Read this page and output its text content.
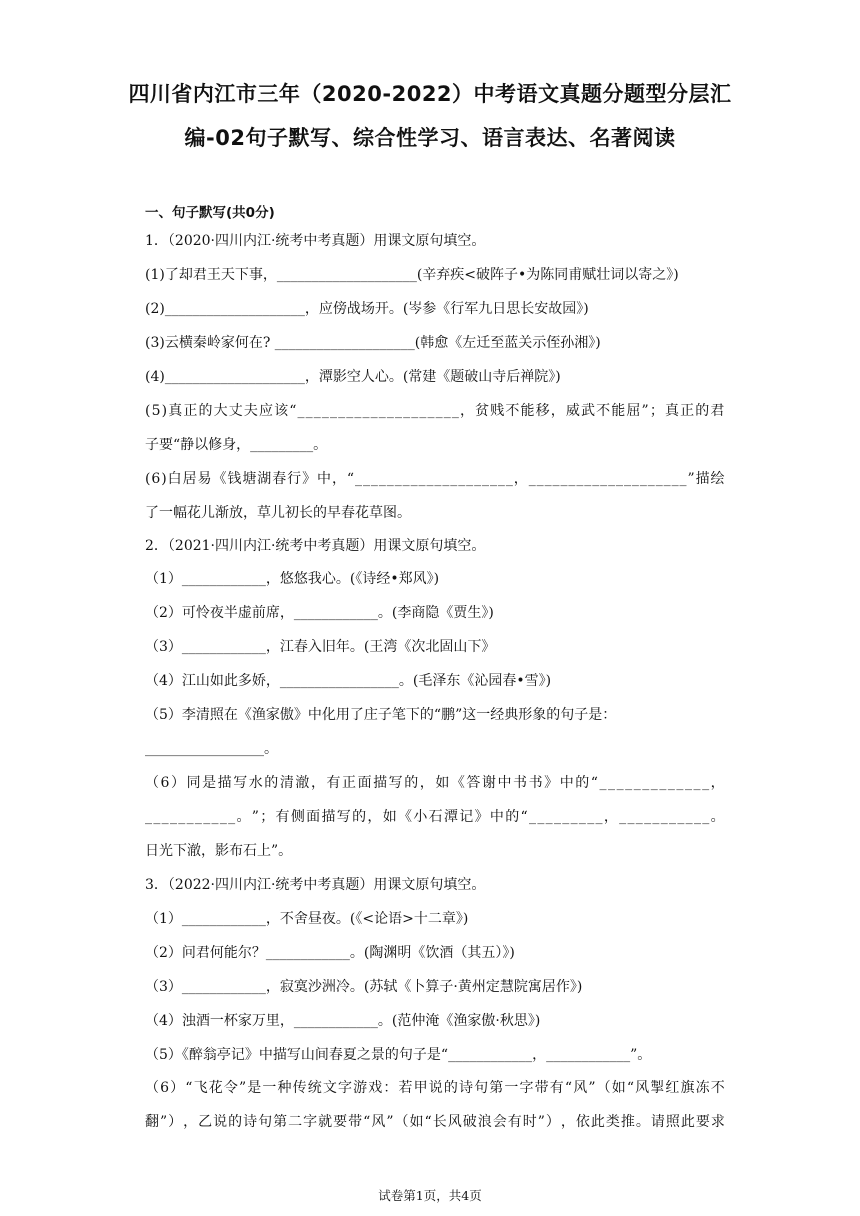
四川省内江市三年（2020-2022）中考语文真题分题型分层汇
编-02句子默写、综合性学习、语言表达、名著阅读
一、句子默写(共0分)
1．（2020·四川内江·统考中考真题）用课文原句填空。
(1)了却君王天下事，____________________(辛弃疾<破阵子•为陈同甫赋壮词以寄之》)
(2)____________________，应傍战场开。(岑参《行军九日思长安故园》)
(3)云横秦岭家何在? ____________________(韩愈《左迁至蓝关示侄孙湘》)
(4)____________________，潭影空人心。(常建《题破山寺后禅院》)
( 5 ) 真 正 的 大 丈 夫 应 该 “ _ _ _ _ _ _ _ _ _ _ _ _ _ _ _ _ _ _ _ _ ， 贫 贱 不 能 移 ， 威 武 不 能 屈 ” ； 真 正 的 君
子要“静以修身，_________。
( 6 ) 白 居 易 《 钱 塘 湖 春 行 》 中 ， “ _ _ _ _ _ _ _ _ _ _ _ _ _ _ _ _ _ _ _ _ ， _ _ _ _ _ _ _ _ _ _ _ _ _ _ _ _ _ _ _ _ ” 描 绘
了一幅花儿渐放，草儿初长的早春花草图。
2．（2021·四川内江·统考中考真题）用课文原句填空。
（1）____________，悠悠我心。(《诗经•郑风》)
（2）可怜夜半虚前席，____________。(李商隐《贾生》)
（3）____________，江春入旧年。(王湾《次北固山下》
（4）江山如此多娇，_________________。(毛泽东《沁园春•雪》)
（5）李清照在《渔家傲》中化用了庄子笔下的“鹏”这一经典形象的句子是：
_________________。
（ 6 ） 同 是 描 写 水 的 清 澈 ， 有 正 面 描 写 的 ， 如 《 答 谢 中 书 书 》 中 的 “ _ _ _ _ _ _ _ _ _ _ _ _ _ ，
_ _ _ _ _ _ _ _ _ _ _ 。 ” ； 有 侧 面 描 写 的 ， 如 《 小 石 潭 记 》 中 的 “ _ _ _ _ _ _ _ _ _ ， _ _ _ _ _ _ _ _ _ _ _ 。
日光下澈，影布石上”。
3．（2022·四川内江·统考中考真题）用课文原句填空。
（1）____________，不舍昼夜。(《<论语>十二章》)
（2）问君何能尔？____________。(陶渊明《饮酒（其五）》)
（3）____________，寂寞沙洲冷。(苏轼《卜算子·黄州定慧院寓居作》)
（4）浊酒一杯家万里，____________。(范仲淹《渔家傲·秋思》)
（5）《醉翁亭记》中描写山间春夏之景的句子是“____________，____________”。
（ 6 ） “ 飞 花 令 ” 是 一 种 传 统 文 字 游 戏 ： 若 甲 说 的 诗 句 第 一 字 带 有 “ 风 ” （ 如 “ 风 掣 红 旗 冻 不
翻 ” ） ， 乙 说 的 诗 句 第 二 字 就 要 带 “ 风 ” （ 如 “ 长 风 破 浪 会 有 时 ” ） ， 依 此 类 推 。 请 照 此 要 求
试卷第1页，共4页
